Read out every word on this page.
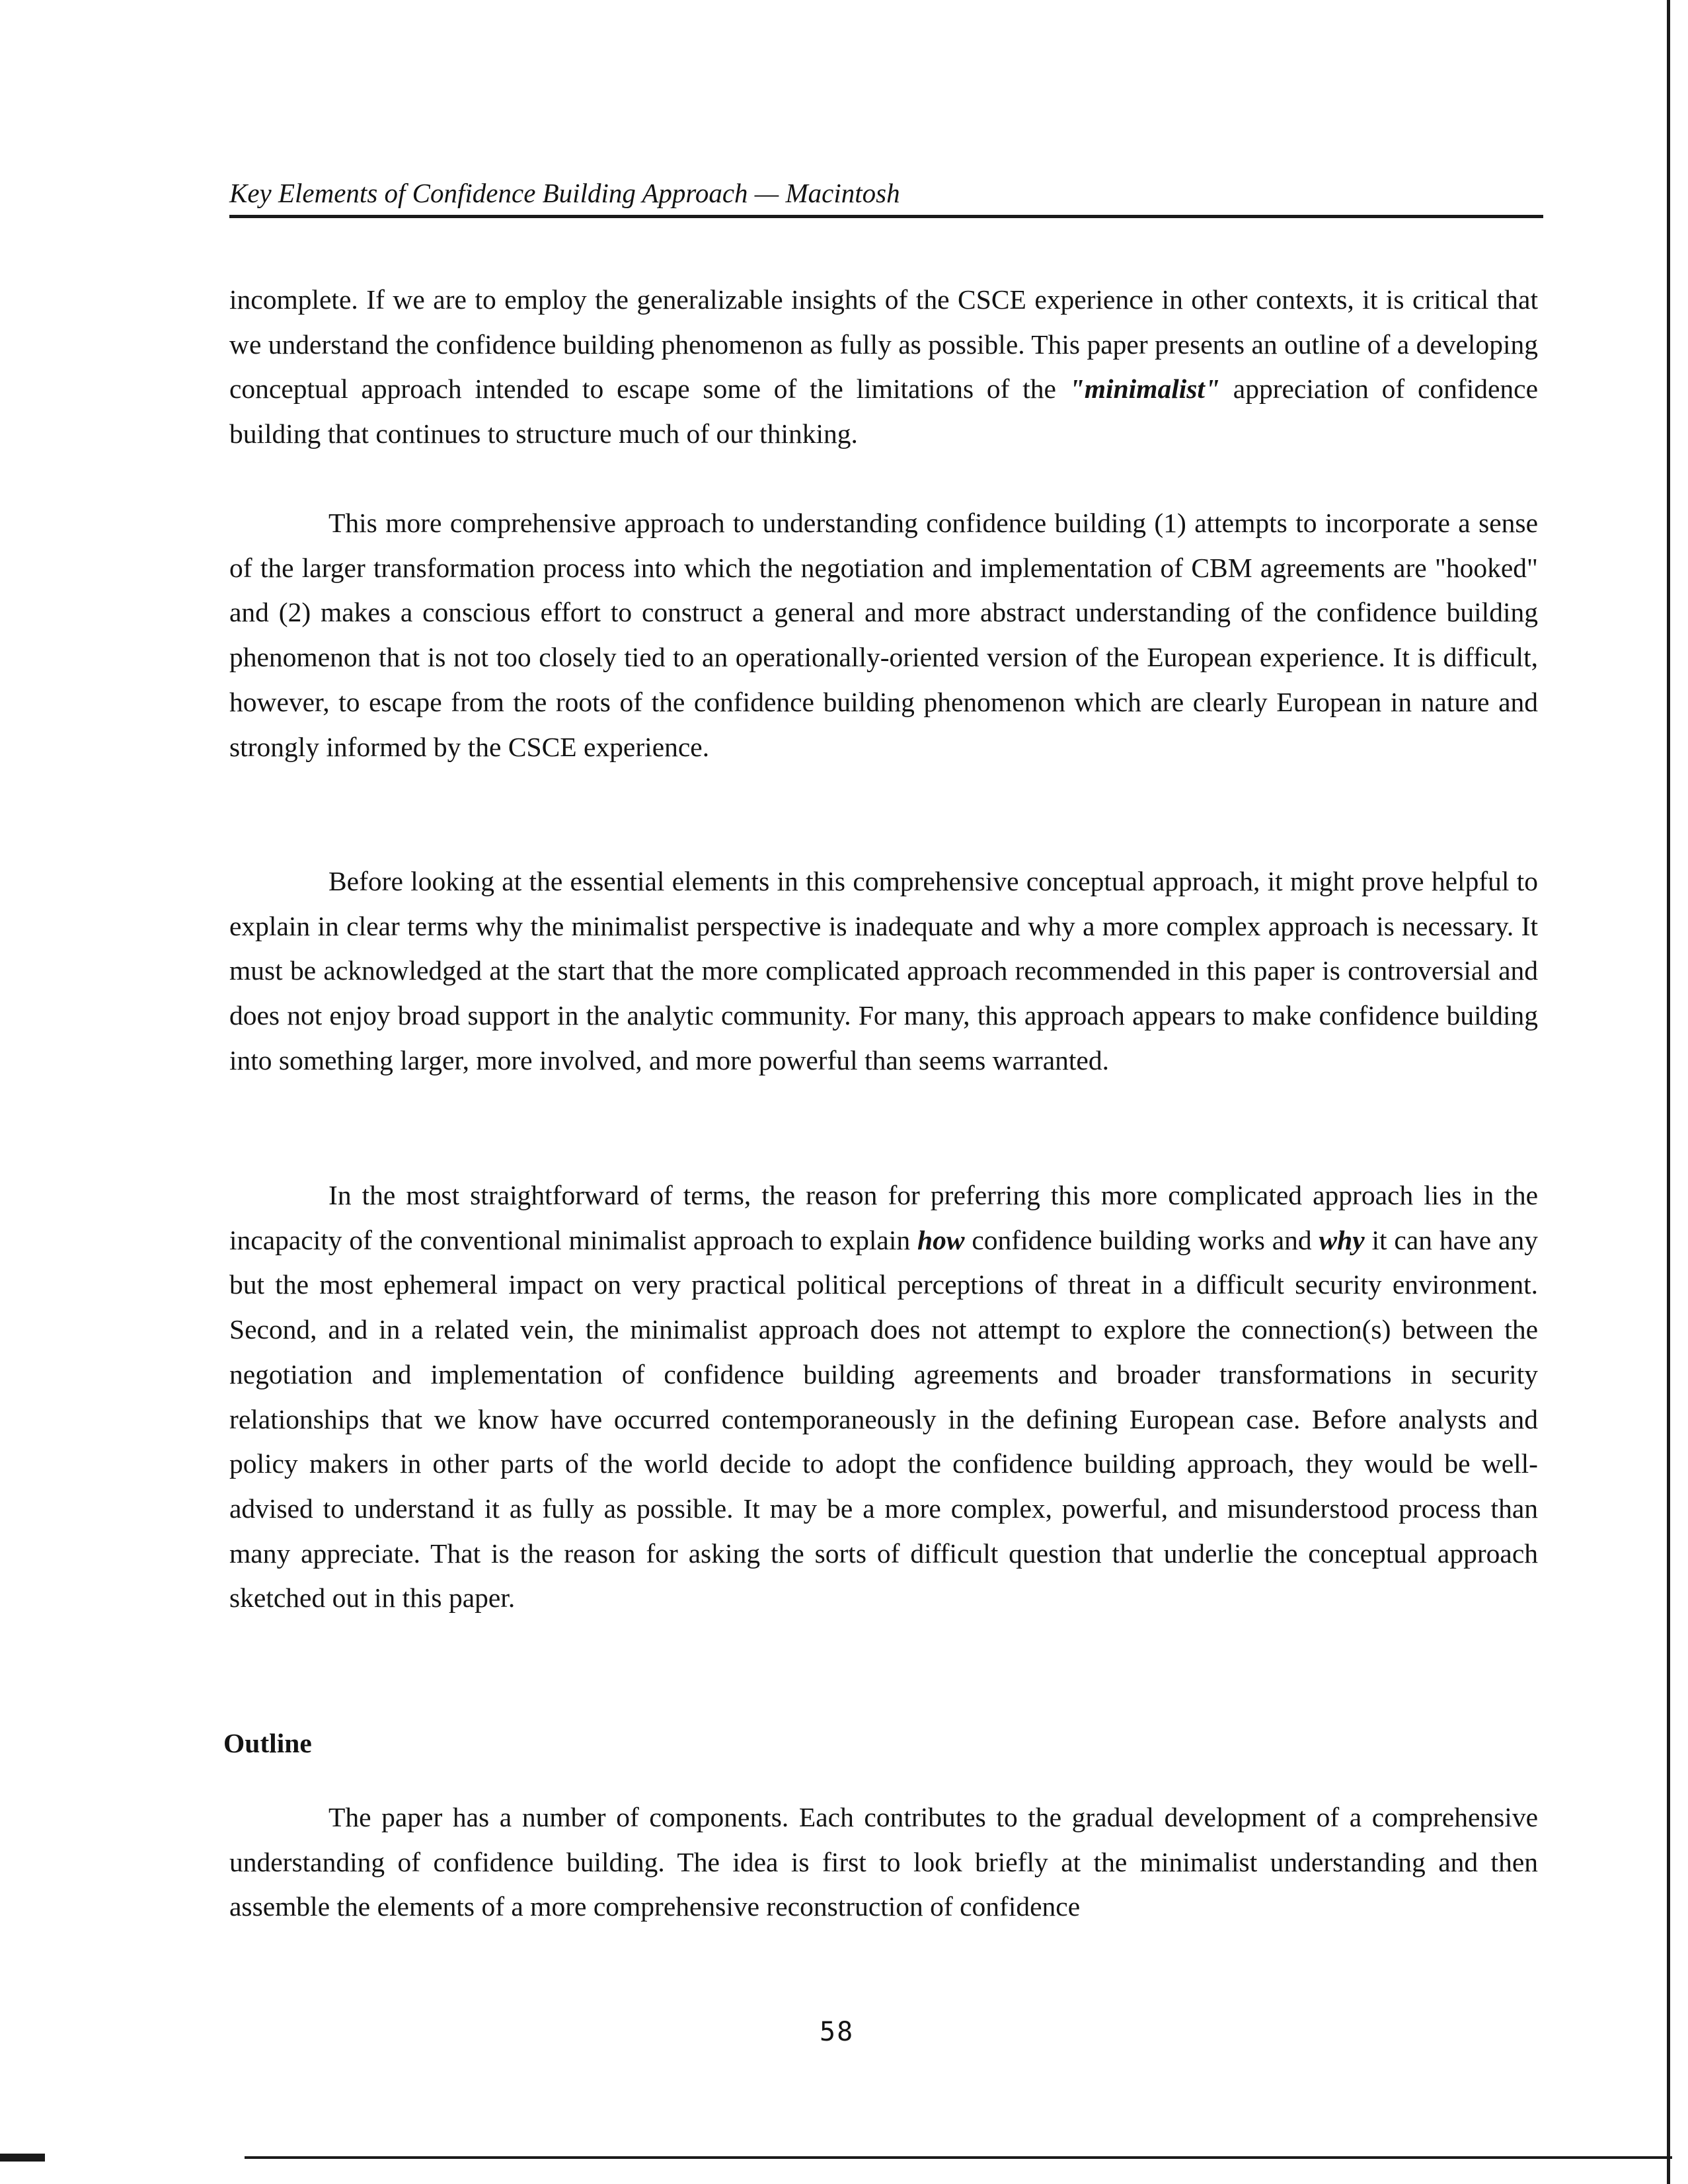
Key Elements of Confidence Building Approach — Macintosh

incomplete. If we are to employ the generalizable insights of the CSCE experience in other contexts, it is critical that we understand the confidence building phenomenon as fully as possible. This paper presents an outline of a developing conceptual approach intended to escape some of the limitations of the "minimalist" appreciation of confidence building that continues to structure much of our thinking.

This more comprehensive approach to understanding confidence building (1) attempts to incorporate a sense of the larger transformation process into which the negotiation and implementation of CBM agreements are "hooked" and (2) makes a conscious effort to construct a general and more abstract understanding of the confidence building phenomenon that is not too closely tied to an operationally-oriented version of the European experience. It is difficult, however, to escape from the roots of the confidence building phenomenon which are clearly European in nature and strongly informed by the CSCE experience.

Before looking at the essential elements in this comprehensive conceptual approach, it might prove helpful to explain in clear terms why the minimalist perspective is inadequate and why a more complex approach is necessary. It must be acknowledged at the start that the more complicated approach recommended in this paper is controversial and does not enjoy broad support in the analytic community. For many, this approach appears to make confidence building into something larger, more involved, and more powerful than seems warranted.

In the most straightforward of terms, the reason for preferring this more complicated approach lies in the incapacity of the conventional minimalist approach to explain how confidence building works and why it can have any but the most ephemeral impact on very practical political perceptions of threat in a difficult security environment. Second, and in a related vein, the minimalist approach does not attempt to explore the connection(s) between the negotiation and implementation of confidence building agreements and broader transformations in security relationships that we know have occurred contemporaneously in the defining European case. Before analysts and policy makers in other parts of the world decide to adopt the confidence building approach, they would be well-advised to understand it as fully as possible. It may be a more complex, powerful, and misunderstood process than many appreciate. That is the reason for asking the sorts of difficult question that underlie the conceptual approach sketched out in this paper.

Outline

The paper has a number of components. Each contributes to the gradual development of a comprehensive understanding of confidence building. The idea is first to look briefly at the minimalist understanding and then assemble the elements of a more comprehensive reconstruction of confidence

58
